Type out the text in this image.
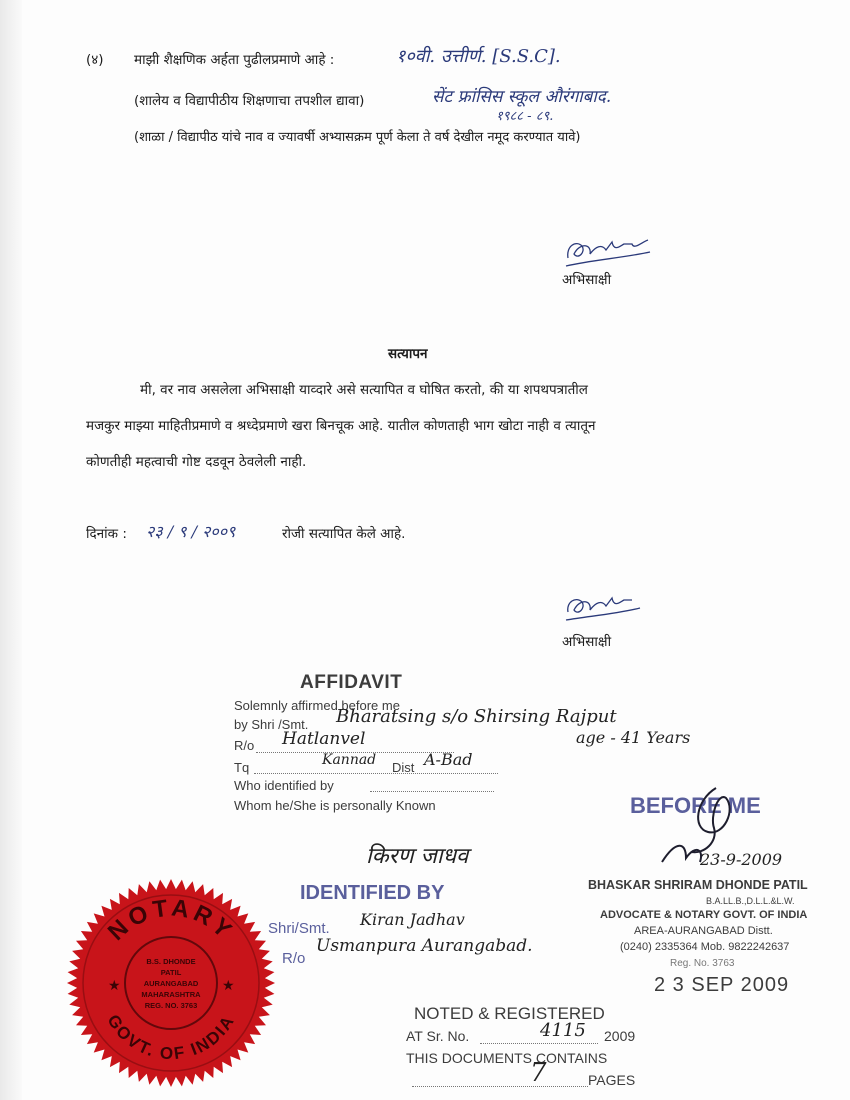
(४) माझी शैक्षणिक अर्हता पुढीलप्रमाणे आहे :	१०वी. उत्तीर्ण. [S.S.C].
(शालेय व विद्यापीठीय शिक्षणाचा तपशील द्यावा)	सेंट फ्रांसिस स्कूल औरंगाबाद.
१९८८ - ८९.
(शाळा / विद्यापीठ यांचे नाव व ज्यावर्षी अभ्यासक्रम पूर्ण केला ते वर्ष देखील नमूद करण्यात यावे)
अभिसाक्षी
सत्यापन
मी, वर नाव असलेला अभिसाक्षी याव्दारे असे सत्यापित व घोषित करतो, की या शपथपत्रातील
मजकुर माझ्या माहितीप्रमाणे व श्रध्देप्रमाणे खरा बिनचूक आहे. यातील कोणताही भाग खोटा नाही व त्यातून
कोणतीही महत्वाची गोष्ट दडवून ठेवलेली नाही.
दिनांक : २३ / ९ / २००९	रोजी सत्यापित केले आहे.
अभिसाक्षी
AFFIDAVIT
Solemnly affirmed before me
by Shri /Smt. Bharatsing s/o Shirsing Rajput
age - 41 Years
R/o Hatlanvel
Tq	Kannad Dist A-Bad
Who identified by
Whom he/She is personally Known
किरण जाधव
IDENTIFIED BY
Shri/Smt. Kiran Jadhav
R/o
Usmanpura Aurangabad.
BEFORE ME
23-9-2009
BHASKAR SHRIRAM DHONDE PATIL
B.A.LL.B.,D.L.L.&L.W.
ADVOCATE & NOTARY GOVT. OF INDIA
AREA-AURANGABAD Distt.
(0240) 2335364 Mob. 9822242637
Reg. No. 3763
2 3 SEP 2009
NOTED & REGISTERED
AT Sr. No.	4115 2009
THIS DOCUMENTS CONTAINS
7	PAGES
NOTARY
GOVT. OF INDIA
B.S. DHONDE
PATIL
AURANGABAD
MAHARASHTRA
REG. NO. 3763
★	★
